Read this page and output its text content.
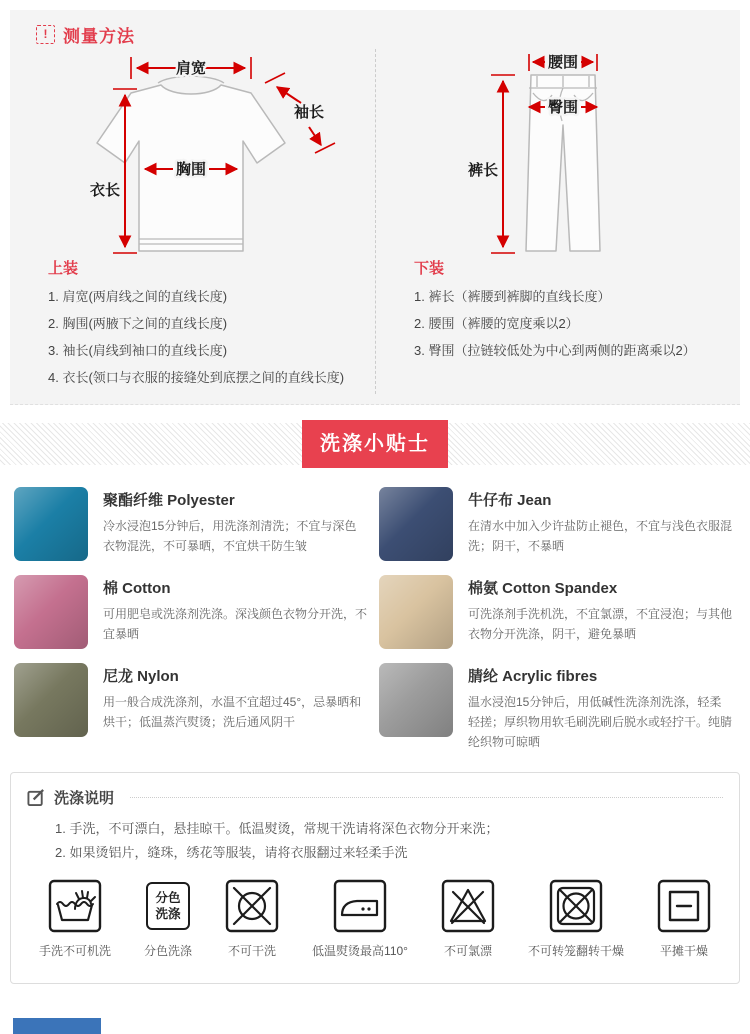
! 测量方法
肩宽
袖长
胸围
衣长
上装
1. 肩宽(两肩线之间的直线长度)
2. 胸围(两腋下之间的直线长度)
3. 袖长(肩线到袖口的直线长度)
4. 衣长(领口与衣服的接缝处到底摆之间的直线长度)
腰围
臀围
裤长
下装
1. 裤长（裤腰到裤脚的直线长度）
2. 腰围（裤腰的宽度乘以2）
3. 臀围（拉链较低处为中心到两侧的距离乘以2）
洗涤小贴士
聚酯纤维 Polyester
冷水浸泡15分钟后，用洗涤剂清洗；不宜与深色衣物混洗，不可暴晒，不宜烘干防生皱
牛仔布 Jean
在清水中加入少许盐防止褪色，不宜与浅色衣服混洗；阴干，不暴晒
棉 Cotton
可用肥皂或洗涤剂洗涤。深浅颜色衣物分开洗，不宜暴晒
棉氨 Cotton Spandex
可洗涤剂手洗机洗，不宜氯漂，不宜浸泡；与其他衣物分开洗涤，阴干，避免暴晒
尼龙 Nylon
用一般合成洗涤剂，水温不宜超过45°，忌暴晒和烘干；低温蒸汽熨烫；洗后通风阴干
腈纶 Acrylic fibres
温水浸泡15分钟后，用低碱性洗涤剂洗涤，轻柔轻搓；厚织物用软毛刷洗刷后脱水或轻拧干。纯腈纶织物可晾晒
洗涤说明
1. 手洗，不可漂白，悬挂晾干。低温熨烫，常规干洗请将深色衣物分开来洗；
2. 如果烫铝片，缝珠，绣花等服装，请将衣服翻过来轻柔手洗
手洗不可机洗
分色
洗涤
分色洗涤	不可干洗	低温熨烫最高110°	不可氯漂	不可转笼翻转干燥	平摊干燥
